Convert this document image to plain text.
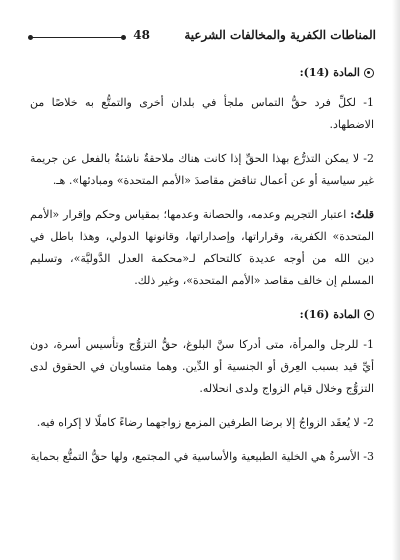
المناطات الكفرية والمخالفات الشرعية
48
المادة (14):

1- لكلِّ فرد حقُّ التماس ملجأ في بلدان أخرى والتمتُّع به خلاصًا من الاضطهاد.

2- لا يمكن التذرُّع بهذا الحقِّ إذا كانت هناك ملاحقةٌ ناشئةٌ بالفعل عن جريمة غير سياسية أو عن أعمال تناقض مقاصدَ «الأمم المتحدة» ومبادئها». هـ.

قلتُ: اعتبار التجريم وعدمه، والحصانة وعدمها؛ بمقياس وحكم وإقرار «الأمم المتحدة» الكفرية، وقراراتها، وإصداراتها، وقانونها الدولي، وهذا باطل في دين الله من أوجه عديدة كالتحاكم لـ«محكمة العدل الدَّوليَّة»، وتسليم المسلم إن خالف مقاصد «الأمم المتحدة»، وغير ذلك.

المادة (16):

1- للرجل والمرأة، متى أدركا سنَّ البلوغ، حقُّ التزوُّج وتأسيس أسرة، دون أيِّ قيد بسبب العِرق أو الجنسية أو الدِّين. وهما متساويان في الحقوق لدى التزوُّج وخلال قيام الزواج ولدى انحلاله.

2- لا يُعقَد الزواجُ إلا برضا الطرفين المزمع زواجهما رضاءً كاملًا لا إكراه فيه.

3- الأسرةُ هي الخلية الطبيعية والأساسية في المجتمع، ولها حقُّ التمتُّع بحماية
